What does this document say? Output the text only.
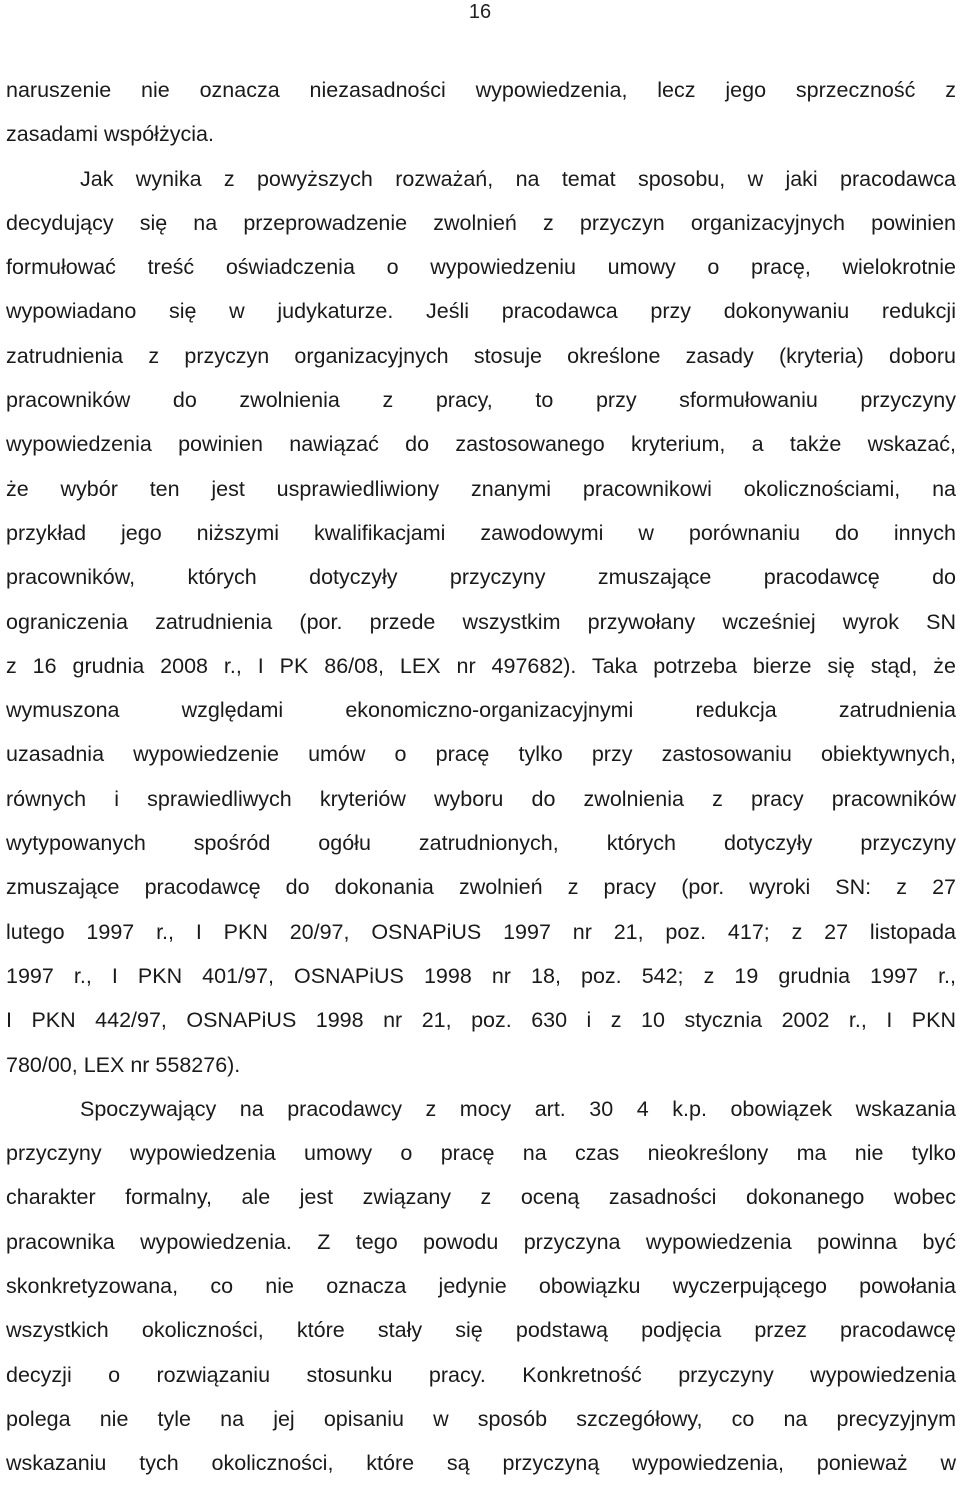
16
naruszenie nie oznacza niezasadności wypowiedzenia, lecz jego sprzeczność z
zasadami współżycia.
Jak wynika z powyższych rozważań, na temat sposobu, w jaki pracodawca
decydujący się na przeprowadzenie zwolnień z przyczyn organizacyjnych powinien
formułować treść oświadczenia o wypowiedzeniu umowy o pracę, wielokrotnie
wypowiadano się w judykaturze. Jeśli pracodawca przy dokonywaniu redukcji
zatrudnienia z przyczyn organizacyjnych stosuje określone zasady (kryteria) doboru
pracowników do zwolnienia z pracy, to przy sformułowaniu przyczyny
wypowiedzenia powinien nawiązać do zastosowanego kryterium, a także wskazać,
że wybór ten jest usprawiedliwiony znanymi pracownikowi okolicznościami, na
przykład jego niższymi kwalifikacjami zawodowymi w porównaniu do innych
pracowników, których dotyczyły przyczyny zmuszające pracodawcę do
ograniczenia zatrudnienia (por. przede wszystkim przywołany wcześniej wyrok SN
z 16 grudnia 2008 r., I PK 86/08, LEX nr 497682). Taka potrzeba bierze się stąd, że
wymuszona względami ekonomiczno-organizacyjnymi redukcja zatrudnienia
uzasadnia wypowiedzenie umów o pracę tylko przy zastosowaniu obiektywnych,
równych i sprawiedliwych kryteriów wyboru do zwolnienia z pracy pracowników
wytypowanych spośród ogółu zatrudnionych, których dotyczyły przyczyny
zmuszające pracodawcę do dokonania zwolnień z pracy (por. wyroki SN: z 27
lutego 1997 r., I PKN 20/97, OSNAPiUS 1997 nr 21, poz. 417; z 27 listopada
1997 r., I PKN 401/97, OSNAPiUS 1998 nr 18, poz. 542; z 19 grudnia 1997 r.,
I PKN 442/97, OSNAPiUS 1998 nr 21, poz. 630 i z 10 stycznia 2002 r., I PKN
780/00, LEX nr 558276).
Spoczywający na pracodawcy z mocy art. 30 4 k.p. obowiązek wskazania
przyczyny wypowiedzenia umowy o pracę na czas nieokreślony ma nie tylko
charakter formalny, ale jest związany z oceną zasadności dokonanego wobec
pracownika wypowiedzenia. Z tego powodu przyczyna wypowiedzenia powinna być
skonkretyzowana, co nie oznacza jedynie obowiązku wyczerpującego powołania
wszystkich okoliczności, które stały się podstawą podjęcia przez pracodawcę
decyzji o rozwiązaniu stosunku pracy. Konkretność przyczyny wypowiedzenia
polega nie tyle na jej opisaniu w sposób szczegółowy, co na precyzyjnym
wskazaniu tych okoliczności, które są przyczyną wypowiedzenia, ponieważ w
